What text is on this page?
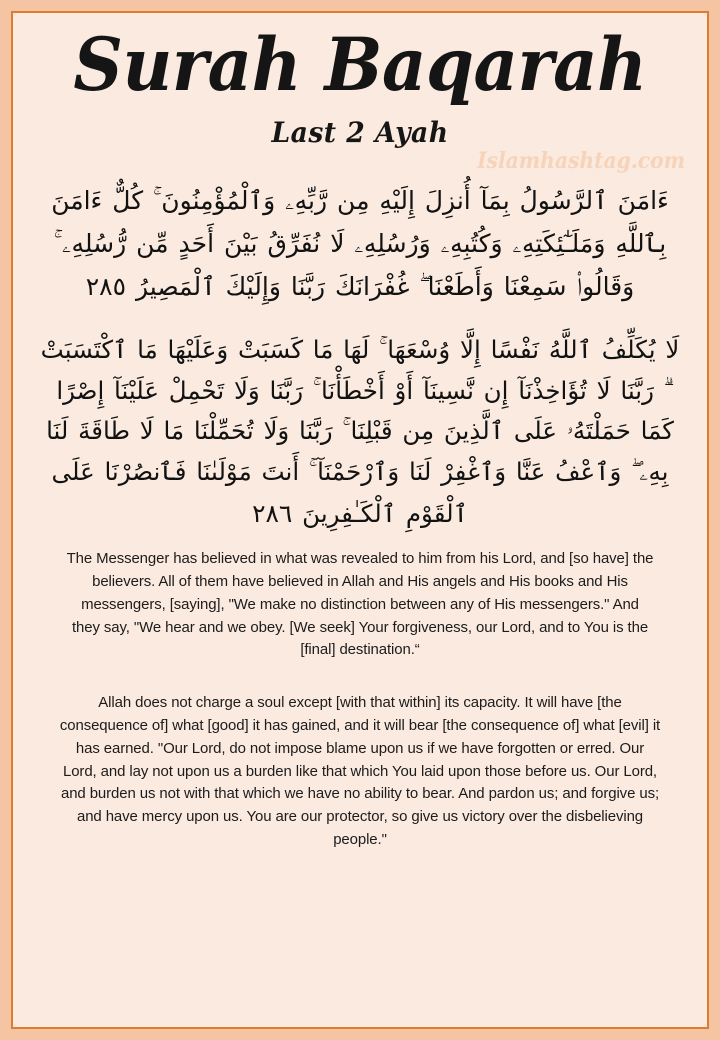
Surah Baqarah
Islamhashtag.com
Last 2 Ayah
ءَامَنَ ٱلرَّسُولُ بِمَآ أُنزِلَ إِلَيْهِ مِن رَّبِّهِۦ وَٱلْمُؤْمِنُونَ ۚ كُلٌّ ءَامَنَ بِٱللَّهِ وَمَلَـٰٓئِكَتِهِۦ وَكُتُبِهِۦ وَرُسُلِهِۦ لَا نُفَرِّقُ بَيْنَ أَحَدٍ مِّن رُّسُلِهِۦ ۚ وَقَالُوا۟ سَمِعْنَا وَأَطَعْنَا ۖ غُفْرَانَكَ رَبَّنَا وَإِلَيْكَ ٱلْمَصِيرُ ٢٨٥
لَا يُكَلِّفُ ٱللَّهُ نَفْسًا إِلَّا وُسْعَهَا ۚ لَهَا مَا كَسَبَتْ وَعَلَيْهَا مَا ٱكْتَسَبَتْ ۗ رَبَّنَا لَا تُؤَاخِذْنَآ إِن نَّسِينَآ أَوْ أَخْطَأْنَا ۚ رَبَّنَا وَلَا تَحْمِلْ عَلَيْنَآ إِصْرًا كَمَا حَمَلْتَهُۥ عَلَى ٱلَّذِينَ مِن قَبْلِنَا ۚ رَبَّنَا وَلَا تُحَمِّلْنَا مَا لَا طَاقَةَ لَنَا بِهِۦ ۖ وَٱعْفُ عَنَّا وَٱغْفِرْ لَنَا وَٱرْحَمْنَآ ۚ أَنتَ مَوْلَىٰنَا فَٱنصُرْنَا عَلَى ٱلْقَوْمِ ٱلْكَـٰفِرِينَ ٢٨٦

The Messenger has believed in what was revealed to him from his Lord, and [so have] the believers. All of them have believed in Allah and His angels and His books and His messengers, [saying], "We make no distinction between any of His messengers." And they say, "We hear and we obey. [We seek] Your forgiveness, our Lord, and to You is the [final] destination.“

Allah does not charge a soul except [with that within] its capacity. It will have [the consequence of] what [good] it has gained, and it will bear [the consequence of] what [evil] it has earned. "Our Lord, do not impose blame upon us if we have forgotten or erred. Our Lord, and lay not upon us a burden like that which You laid upon those before us. Our Lord, and burden us not with that which we have no ability to bear. And pardon us; and forgive us; and have mercy upon us. You are our protector, so give us victory over the disbelieving people."
